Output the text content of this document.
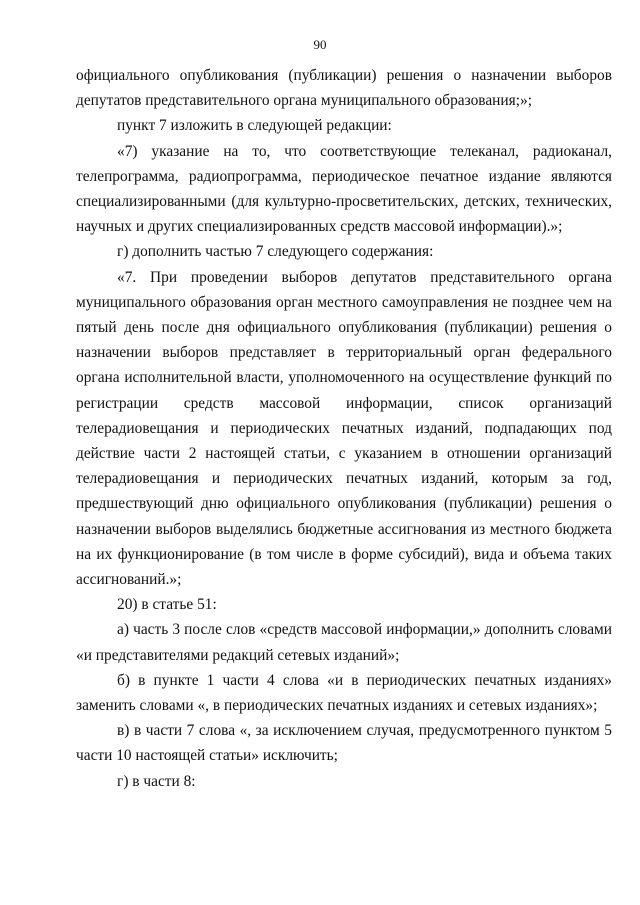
90

официального опубликования (публикации) решения о назначении выборов депутатов представительного органа муниципального образования;»;

пункт 7 изложить в следующей редакции:

«7) указание на то, что соответствующие телеканал, радиоканал, телепрограмма, радиопрограмма, периодическое печатное издание являются специализированными (для культурно-просветительских, детских, технических, научных и других специализированных средств массовой информации).»;

г) дополнить частью 7 следующего содержания:

«7. При проведении выборов депутатов представительного органа муниципального образования орган местного самоуправления не позднее чем на пятый день после дня официального опубликования (публикации) решения о назначении выборов представляет в территориальный орган федерального органа исполнительной власти, уполномоченного на осуществление функций по регистрации средств массовой информации, список организаций телерадиовещания и периодических печатных изданий, подпадающих под действие части 2 настоящей статьи, с указанием в отношении организаций телерадиовещания и периодических печатных изданий, которым за год, предшествующий дню официального опубликования (публикации) решения о назначении выборов выделялись бюджетные ассигнования из местного бюджета на их функционирование (в том числе в форме субсидий), вида и объема таких ассигнований.»;

20) в статье 51:

а) часть 3 после слов «средств массовой информации,» дополнить словами «и представителями редакций сетевых изданий»;

б) в пункте 1 части 4 слова «и в периодических печатных изданиях» заменить словами «, в периодических печатных изданиях и сетевых изданиях»;

в) в части 7 слова «, за исключением случая, предусмотренного пунктом 5 части 10 настоящей статьи» исключить;

г) в части 8:
